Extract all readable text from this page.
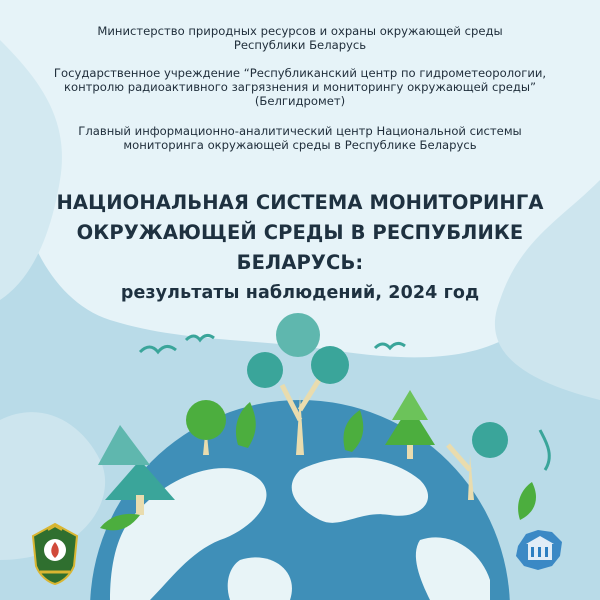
Министерство природных ресурсов и охраны окружающей среды
Республики Беларусь
Государственное учреждение “Республиканский центр по гидрометеорологии,
контролю радиоактивного загрязнения и мониторингу окружающей среды”
(Белгидромет)
Главный информационно-аналитический центр Национальной системы
мониторинга окружающей среды в Республике Беларусь
НАЦИОНАЛЬНАЯ СИСТЕМА МОНИТОРИНГА
ОКРУЖАЮЩЕЙ СРЕДЫ В РЕСПУБЛИКЕ БЕЛАРУСЬ:
результаты наблюдений, 2024 год
